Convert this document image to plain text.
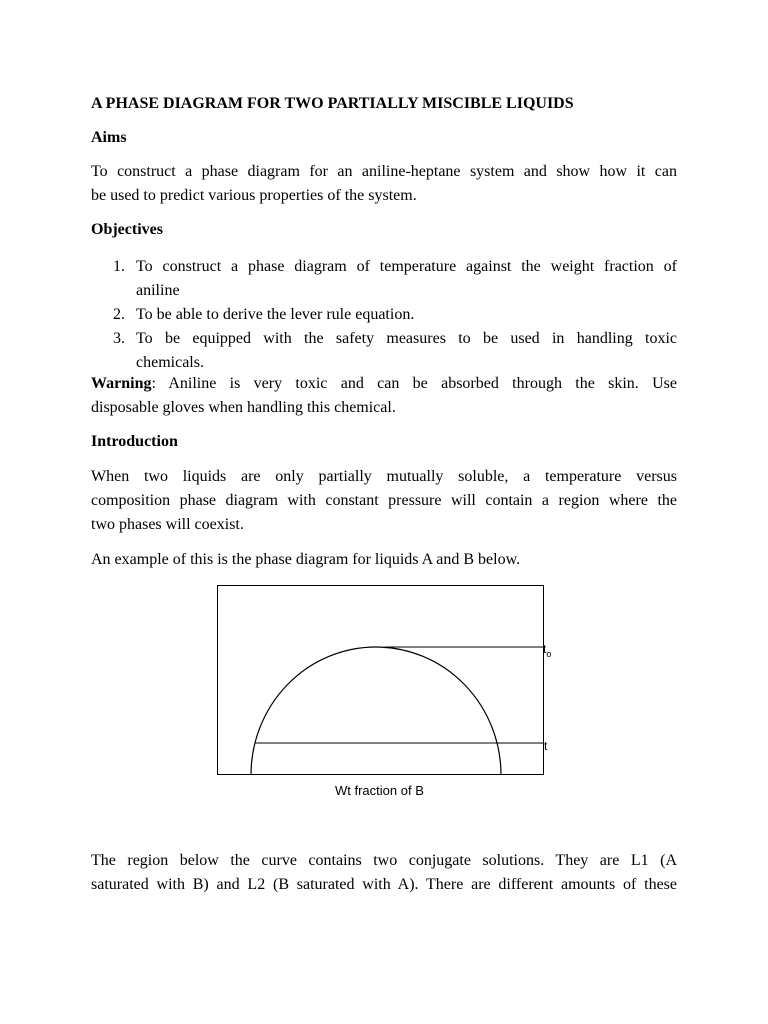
A PHASE DIAGRAM FOR TWO PARTIALLY MISCIBLE LIQUIDS
Aims
To construct a phase diagram for an aniline-heptane system and show how it can
be used to predict various properties of the system.
Objectives
1. To construct a phase diagram of temperature against the weight fraction of
aniline
2. To be able to derive the lever rule equation.
3. To be equipped with the safety measures to be used in handling toxic
chemicals.
Warning: Aniline is very toxic and can be absorbed through the skin. Use
disposable gloves when handling this chemical.
Introduction
When two liquids are only partially mutually soluble, a temperature versus
composition phase diagram with constant pressure will contain a region where the
two phases will coexist.
An example of this is the phase diagram for liquids A and B below.
$t_o$
t
Wt fraction of B
The region below the curve contains two conjugate solutions. They are L1 (A
saturated with B) and L2 (B saturated with A). There are different amounts of these
